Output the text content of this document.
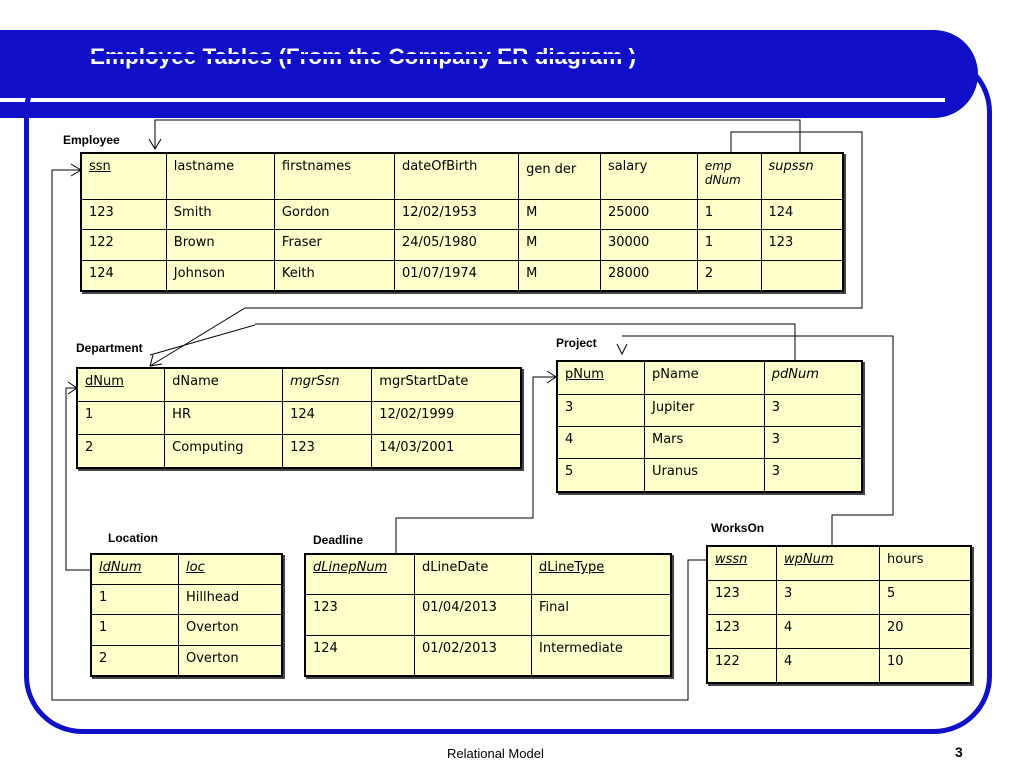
Employee Tables (From the Company ER diagram )
Employee
ssn	lastname	firstnames	dateOfBirth	gen der	salary	emp dNum	supssn
123	Smith	Gordon	12/02/1953	M	25000	1	124
122	Brown	Fraser	24/05/1980	M	30000	1	123
124	Johnson	Keith	01/07/1974	M	28000	2	
Department
dNum	dName	mgrSsn	mgrStartDate
1	HR	124	12/02/1999
2	Computing	123	14/03/2001
Project
pNum	pName	pdNum
3	Jupiter	3
4	Mars	3
5	Uranus	3
Location
ldNum	loc
1	Hillhead
1	Overton
2	Overton
Deadline
dLinepNum	dLineDate	dLineType
123	01/04/2013	Final
124	01/02/2013	Intermediate
WorksOn
wssn	wpNum	hours
123	3	5
123	4	20
122	4	10
Relational Model	3
